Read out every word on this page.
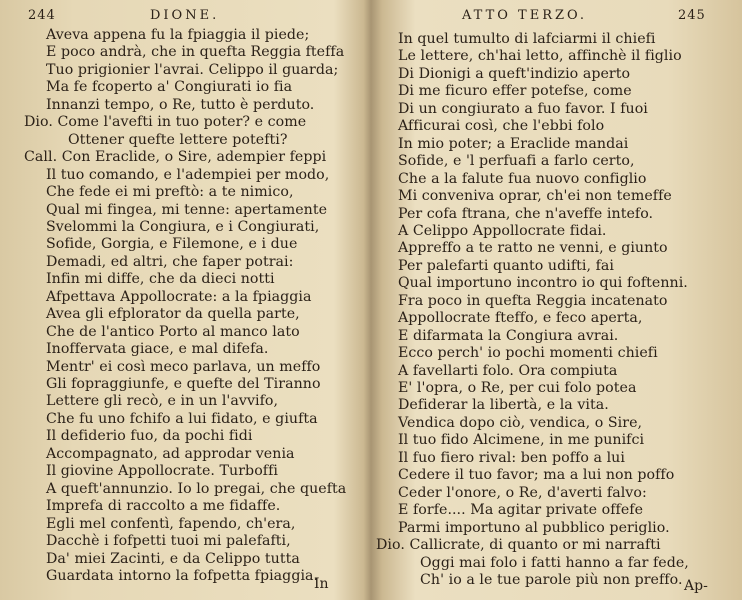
244	DIONE.
Aveva appena fu la fpiaggia il piede;
E poco andrà, che in quefta Reggia fteffa
Tuo prigionier l'avrai. Celippo il guarda;
Ma fe fcoperto a' Congiurati io fia
Innanzi tempo, o Re, tutto è perduto.
Dio. Come l'avefti in tuo poter? e come
Ottener quefte lettere potefti?
Call. Con Eraclide, o Sire, adempier feppi
Il tuo comando, e l'adempiei per modo,
Che fede ei mi preftò: a te nimico,
Qual mi fingea, mi tenne: apertamente
Svelommi la Congiura, e i Congiurati,
Sofide, Gorgia, e Filemone, e i due
Demadi, ed altri, che faper potrai:
Infin mi diffe, che da dieci notti
Afpettava Appollocrate: a la fpiaggia
Avea gli efplorator da quella parte,
Che de l'antico Porto al manco lato
Inoffervata giace, e mal difefa.
Mentr' ei così meco parlava, un meffo
Gli fopraggiunfe, e quefte del Tiranno
Lettere gli recò, e in un l'avvifo,
Che fu uno fchifo a lui fidato, e giufta
Il defiderio fuo, da pochi fidi
Accompagnato, ad approdar venia
Il giovine Appollocrate. Turboffi
A queft'annunzio. Io lo pregai, che quefta
Imprefa di raccolto a me fidaffe.
Egli mel confentì, fapendo, ch'era,
Dacchè i fofpetti tuoi mi palefafti,
Da' miei Zacinti, e da Celippo tutta
Guardata intorno la fofpetta fpiaggia.
In
ATTO TERZO.	245
In quel tumulto di lafciarmi il chiefi
Le lettere, ch'hai letto, affinchè il figlio
Di Dionigi a queft'indizio aperto
Di me ficuro effer potefse, come
Di un congiurato a fuo favor. I fuoi
Afficurai così, che l'ebbi folo
In mio poter; a Eraclide mandai
Sofide, e 'l perfuafi a farlo certo,
Che a la falute fua nuovo configlio
Mi conveniva oprar, ch'ei non temeffe
Per cofa ftrana, che n'aveffe intefo.
A Celippo Appollocrate fidai.
Appreffo a te ratto ne venni, e giunto
Per palefarti quanto udifti, fai
Qual importuno incontro io qui foftenni.
Fra poco in quefta Reggia incatenato
Appollocrate fteffo, e feco aperta,
E difarmata la Congiura avrai.
Ecco perch' io pochi momenti chiefi
A favellarti folo. Ora compiuta
E' l'opra, o Re, per cui folo potea
Defiderar la libertà, e la vita.
Vendica dopo ciò, vendica, o Sire,
Il tuo fido Alcimene, in me punifci
Il fuo fiero rival: ben poffo a lui
Cedere il tuo favor; ma a lui non poffo
Ceder l'onore, o Re, d'averti falvo:
E forfe.... Ma agitar private offefe
Parmi importuno al pubblico periglio.
Dio. Callicrate, di quanto or mi narrafti
Oggi mai folo i fatti hanno a far fede,
Ch' io a le tue parole più non preffo. Ap-
